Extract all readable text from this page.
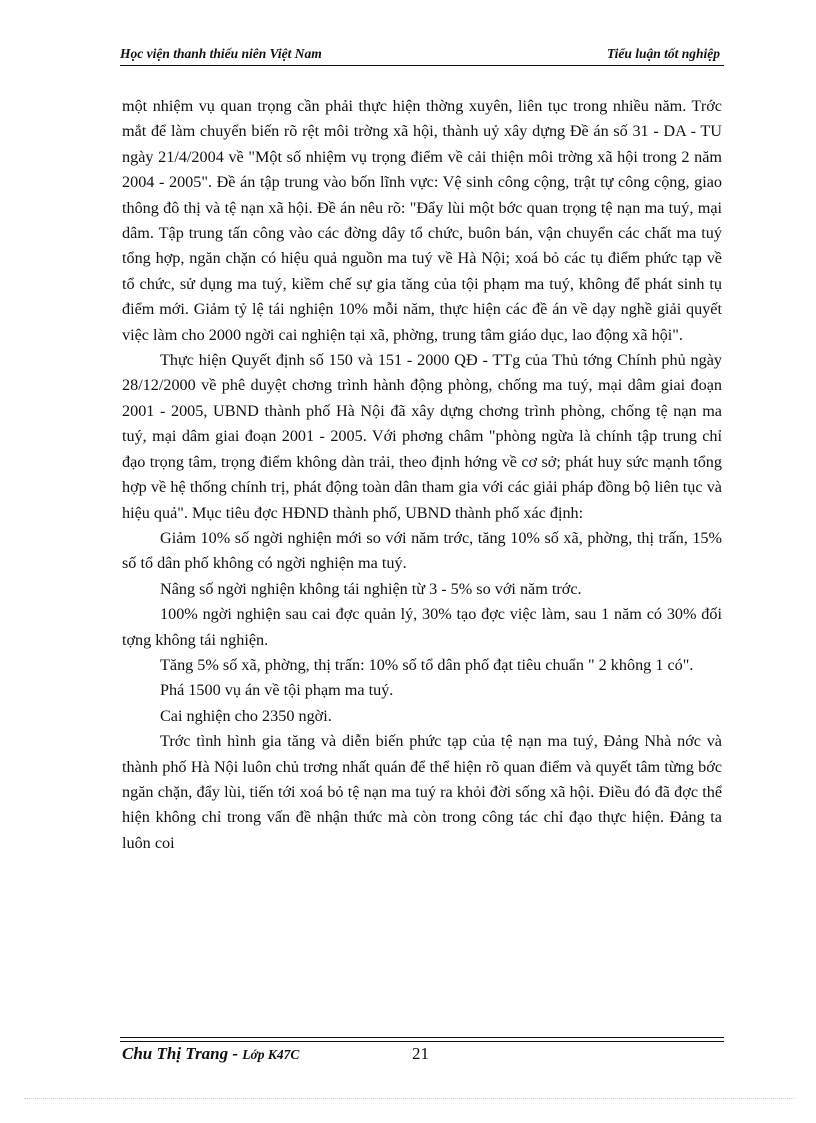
Học viện thanh thiếu niên Việt Nam	Tiểu luận tốt nghiệp

một nhiệm vụ quan trọng cần phải thực hiện thờng xuyên, liên tục trong nhiều năm. Trớc mắt để làm chuyển biến rõ rệt môi trờng xã hội, thành uỷ xây dựng Đề án số 31 - DA - TU ngày 21/4/2004 về "Một số nhiệm vụ trọng điểm về cải thiện môi trờng xã hội trong 2 năm 2004 - 2005". Đề án tập trung vào bốn lĩnh vực: Vệ sinh công cộng, trật tự công cộng, giao thông đô thị và tệ nạn xã hội. Đề án nêu rõ: "Đẩy lùi một bớc quan trọng tệ nạn ma tuý, mại dâm. Tập trung tấn công vào các đờng dây tổ chức, buôn bán, vận chuyển các chất ma tuý tổng hợp, ngăn chặn có hiệu quả nguồn ma tuý về Hà Nội; xoá bỏ các tụ điểm phức tạp về tổ chức, sử dụng ma tuý, kiềm chế sự gia tăng của tội phạm ma tuý, không để phát sinh tụ điểm mới. Giảm tỷ lệ tái nghiện 10% mỗi năm, thực hiện các đề án về dạy nghề giải quyết việc làm cho 2000 ngời cai nghiện tại xã, phờng, trung tâm giáo dục, lao động xã hội".

Thực hiện Quyết định số 150 và 151 - 2000 QĐ - TTg của Thủ tớng Chính phủ ngày 28/12/2000 về phê duyệt chơng trình hành động phòng, chống ma tuý, mại dâm giai đoạn 2001 - 2005, UBND thành phố Hà Nội đã xây dựng chơng trình phòng, chống tệ nạn ma tuý, mại dâm giai đoạn 2001 - 2005. Với phơng châm "phòng ngừa là chính tập trung chỉ đạo trọng tâm, trọng điểm không dàn trải, theo định hớng về cơ sở; phát huy sức mạnh tổng hợp về hệ thống chính trị, phát động toàn dân tham gia với các giải pháp đồng bộ liên tục và hiệu quả". Mục tiêu đợc HĐND thành phố, UBND thành phố xác định:

Giảm 10% số ngời nghiện mới so với năm trớc, tăng 10% số xã, phờng, thị trấn, 15% số tổ dân phố không có ngời nghiện ma tuý.

Nâng số ngời nghiện không tái nghiện từ 3 - 5% so với năm trớc.

100% ngời nghiện sau cai đợc quản lý, 30% tạo đợc việc làm, sau 1 năm có 30% đối tợng không tái nghiện.

Tăng 5% số xã, phờng, thị trấn: 10% số tổ dân phố đạt tiêu chuẩn " 2 không 1 có".

Phá 1500 vụ án về tội phạm ma tuý.

Cai nghiện cho 2350 ngời.

Trớc tình hình gia tăng và diễn biến phức tạp của tệ nạn ma tuý, Đảng Nhà nớc và thành phố Hà Nội luôn chủ trơng nhất quán để thể hiện rõ quan điểm và quyết tâm từng bớc ngăn chặn, đẩy lùi, tiến tới xoá bỏ tệ nạn ma tuý ra khỏi đời sống xã hội. Điều đó đã đợc thể hiện không chỉ trong vấn đề nhận thức mà còn trong công tác chỉ đạo thực hiện. Đảng ta luôn coi

Chu Thị Trang - Lớp K47C	21
